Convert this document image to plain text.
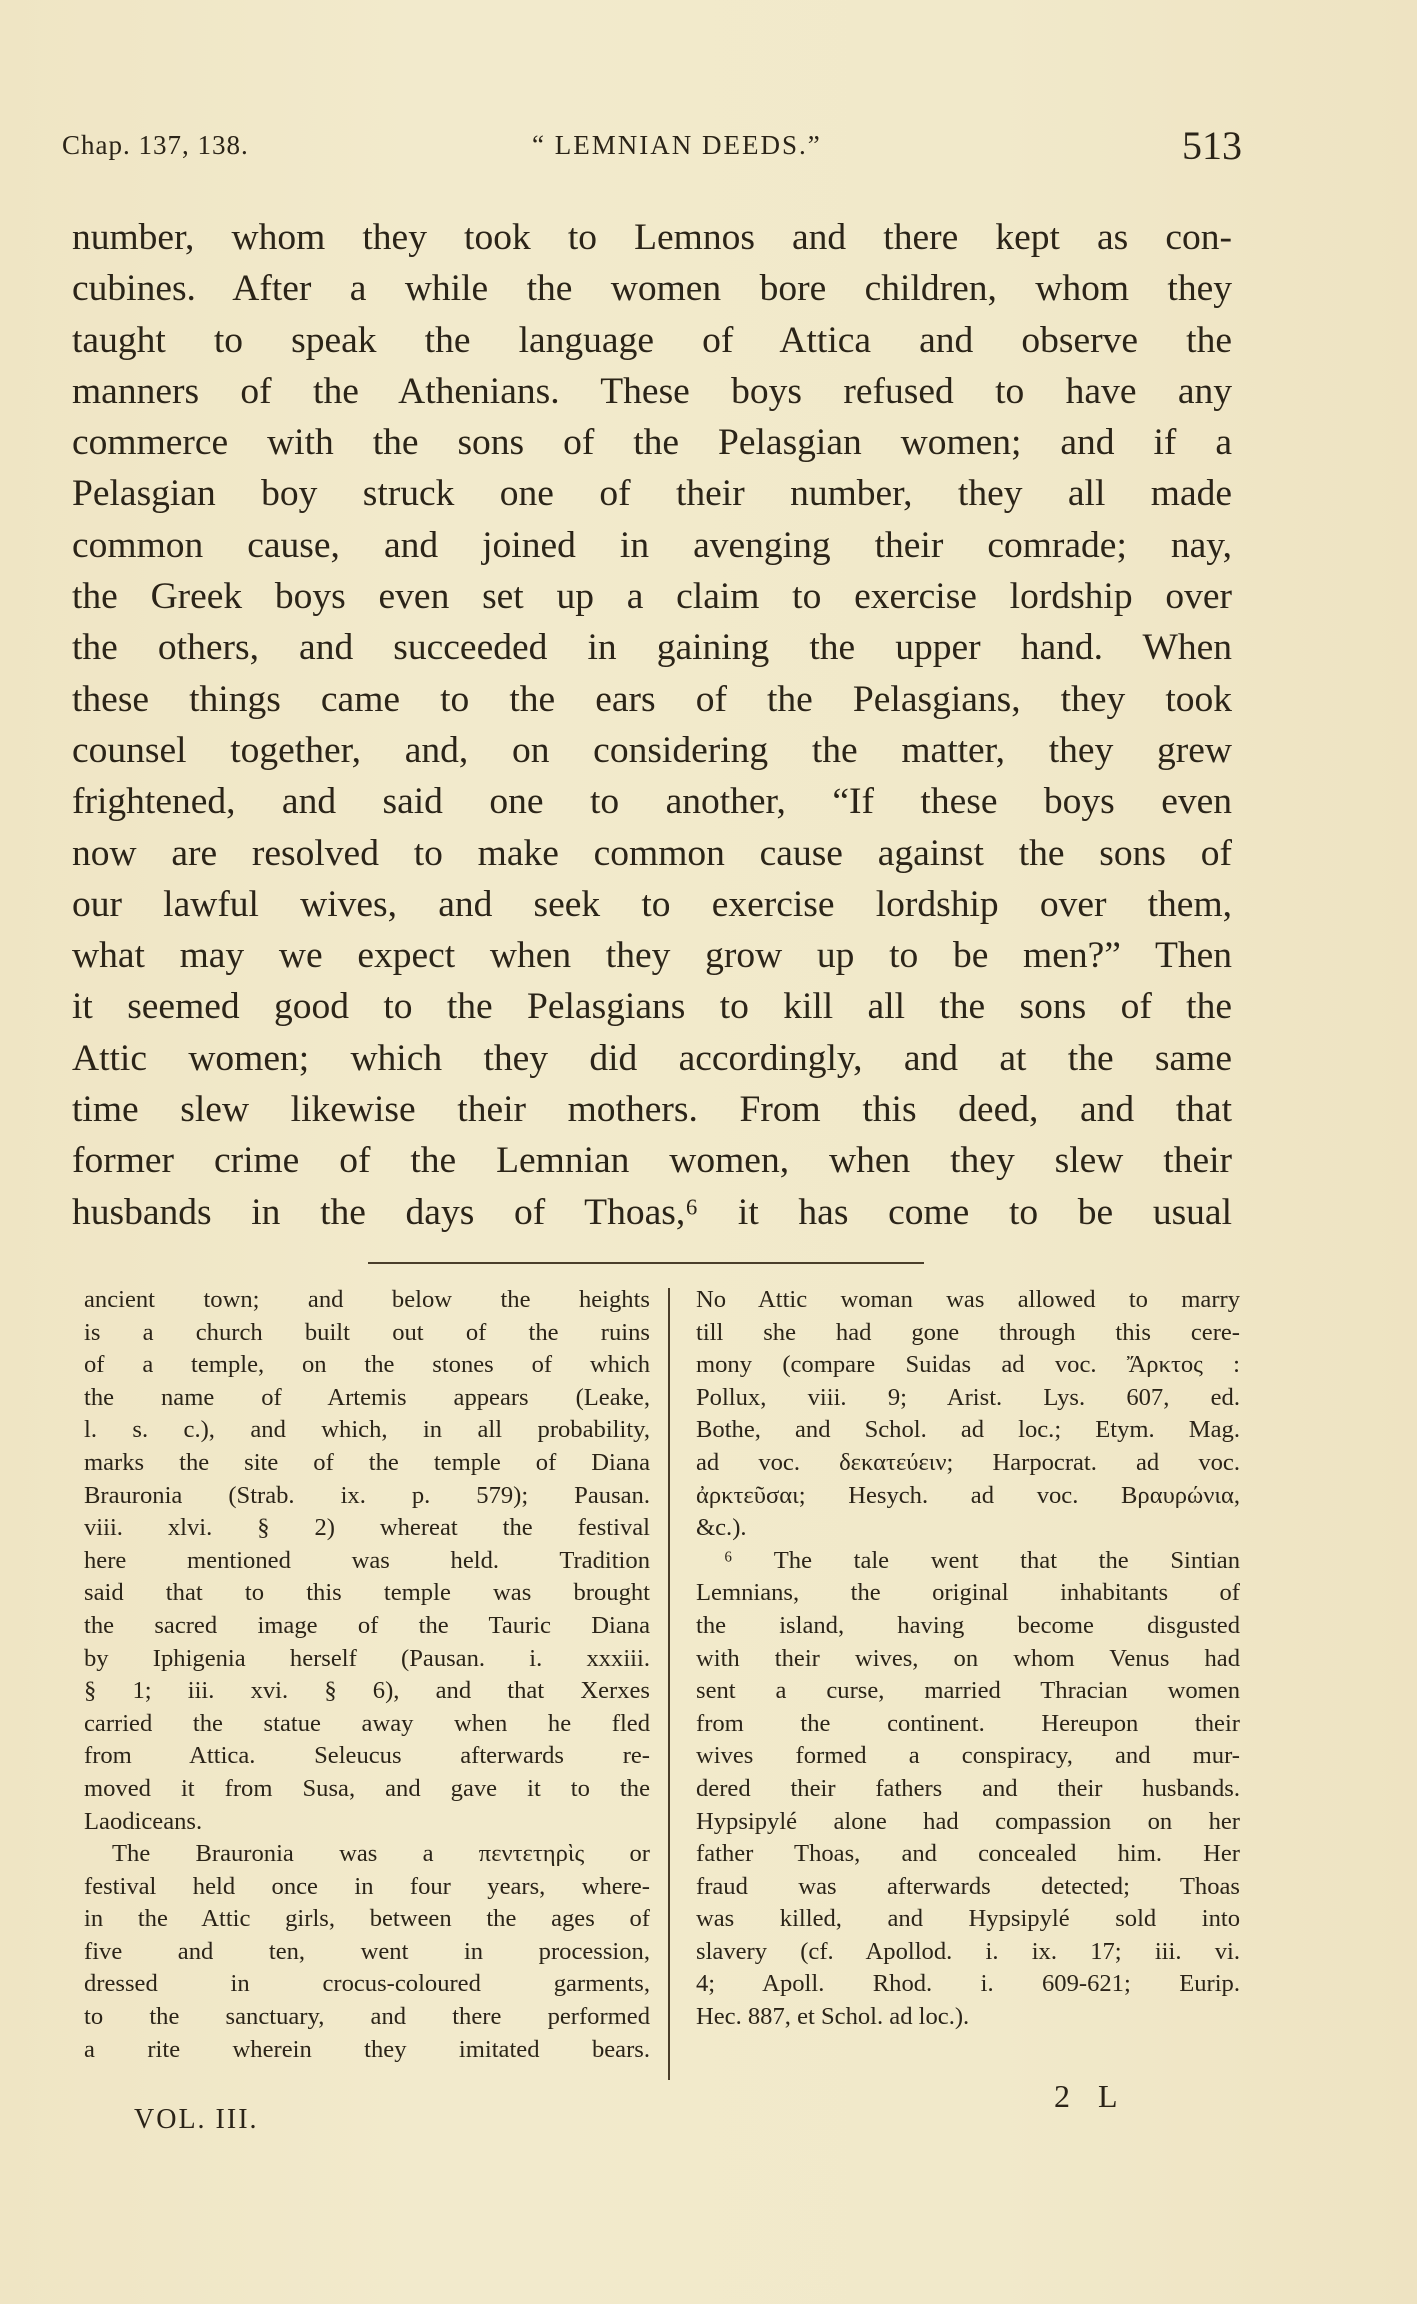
Chap. 137, 138.	“ LEMNIAN DEEDS.”	513
number, whom they took to Lemnos and there kept as con-
cubines. After a while the women bore children, whom they
taught to speak the language of Attica and observe the
manners of the Athenians. These boys refused to have any
commerce with the sons of the Pelasgian women; and if a
Pelasgian boy struck one of their number, they all made
common cause, and joined in avenging their comrade; nay,
the Greek boys even set up a claim to exercise lordship over
the others, and succeeded in gaining the upper hand. When
these things came to the ears of the Pelasgians, they took
counsel together, and, on considering the matter, they grew
frightened, and said one to another, “If these boys even
now are resolved to make common cause against the sons of
our lawful wives, and seek to exercise lordship over them,
what may we expect when they grow up to be men?” Then
it seemed good to the Pelasgians to kill all the sons of the
Attic women; which they did accordingly, and at the same
time slew likewise their mothers. From this deed, and that
former crime of the Lemnian women, when they slew their
husbands in the days of Thoas,⁶ it has come to be usual
ancient town; and below the heights
is a church built out of the ruins
of a temple, on the stones of which
the name of Artemis appears (Leake,
l. s. c.), and which, in all probability,
marks the site of the temple of Diana
Brauronia (Strab. ix. p. 579); Pausan.
viii. xlvi. § 2) whereat the festival
here mentioned was held. Tradition
said that to this temple was brought
the sacred image of the Tauric Diana
by Iphigenia herself (Pausan. i. xxxiii.
§ 1; iii. xvi. § 6), and that Xerxes
carried the statue away when he fled
from Attica. Seleucus afterwards re-
moved it from Susa, and gave it to the
Laodiceans.
The Brauronia was a πεντετηρὶς or
festival held once in four years, where-
in the Attic girls, between the ages of
five and ten, went in procession,
dressed in crocus-coloured garments,
to the sanctuary, and there performed
a rite wherein they imitated bears.
No Attic woman was allowed to marry
till she had gone through this cere-
mony (compare Suidas ad voc. Ἄρκτος :
Pollux, viii. 9; Arist. Lys. 607, ed.
Bothe, and Schol. ad loc.; Etym. Mag.
ad voc. δεκατεύειν; Harpocrat. ad voc.
ἀρκτεῦσαι; Hesych. ad voc. Βραυρώνια,
&c.).
⁶ The tale went that the Sintian
Lemnians, the original inhabitants of
the island, having become disgusted
with their wives, on whom Venus had
sent a curse, married Thracian women
from the continent. Hereupon their
wives formed a conspiracy, and mur-
dered their fathers and their husbands.
Hypsipylé alone had compassion on her
father Thoas, and concealed him. Her
fraud was afterwards detected; Thoas
was killed, and Hypsipylé sold into
slavery (cf. Apollod. i. ix. 17; iii. vi.
4; Apoll. Rhod. i. 609-621; Eurip.
Hec. 887, et Schol. ad loc.).
VOL. III.
2 L
